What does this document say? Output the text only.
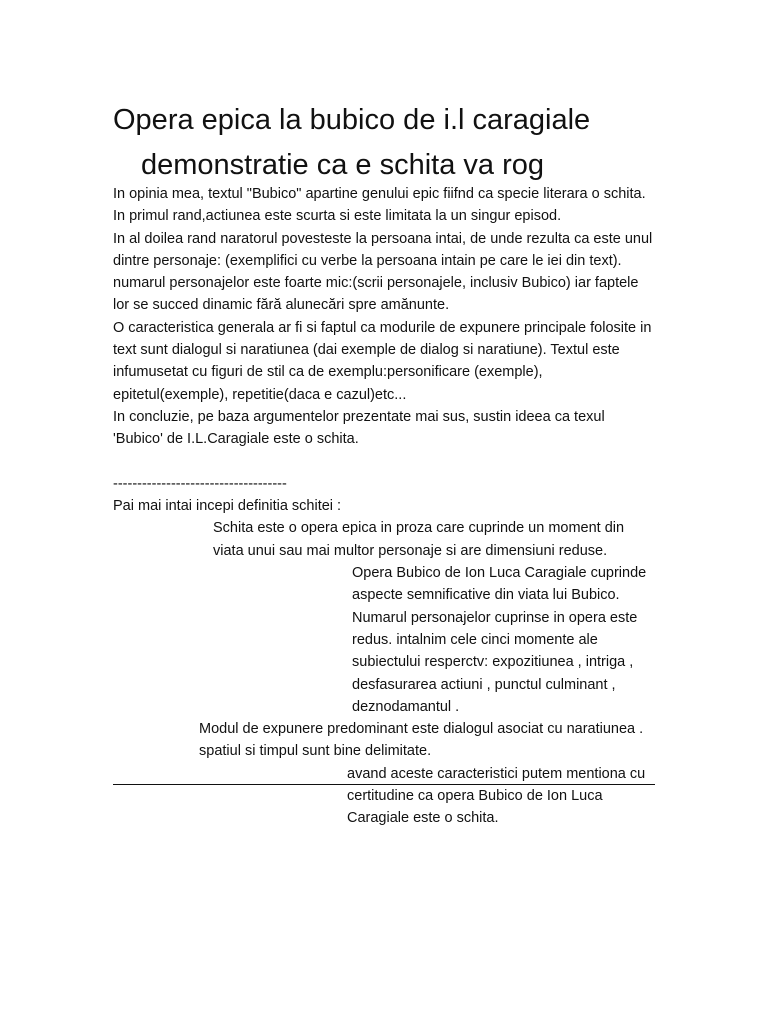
Opera epica la bubico de i.l caragiale
demonstratie ca e schita va rog

In opinia mea, textul "Bubico" apartine genului epic fiifnd ca specie literara o schita.

In primul rand,actiunea este scurta si este limitata la un singur episod.

In al doilea rand naratorul povesteste la persoana intai, de unde rezulta ca este unul dintre personaje: (exemplifici cu verbe la persoana intain pe care le iei din text). numarul personajelor este foarte mic:(scrii personajele, inclusiv Bubico) iar faptele lor se succed dinamic fără alunecări spre amănunte.

O caracteristica generala ar fi si faptul ca modurile de expunere principale folosite in text sunt dialogul si naratiunea (dai exemple de dialog si naratiune). Textul este infumusetat cu figuri de stil ca de exemplu:personificare (exemple), epitetul(exemple), repetitie(daca e cazul)etc...

In concluzie, pe baza argumentelor prezentate mai sus, sustin ideea ca texul 'Bubico' de I.L.Caragiale este o schita.

------------------------------------

Pai mai intai incepi definitia schitei :

Schita este o opera epica in proza care cuprinde un moment din viata unui sau mai multor personaje si are dimensiuni reduse.

Opera Bubico de Ion Luca Caragiale cuprinde aspecte semnificative din viata lui Bubico. Numarul personajelor cuprinse in opera este redus. intalnim cele cinci momente ale subiectului resperctv: expozitiunea , intriga , desfasurarea actiuni , punctul culminant , deznodamantul .

Modul de expunere predominant este dialogul asociat cu naratiunea . spatiul si timpul sunt bine delimitate.

avand aceste caracteristici putem mentiona cu certitudine ca opera Bubico de Ion Luca Caragiale este o schita.
